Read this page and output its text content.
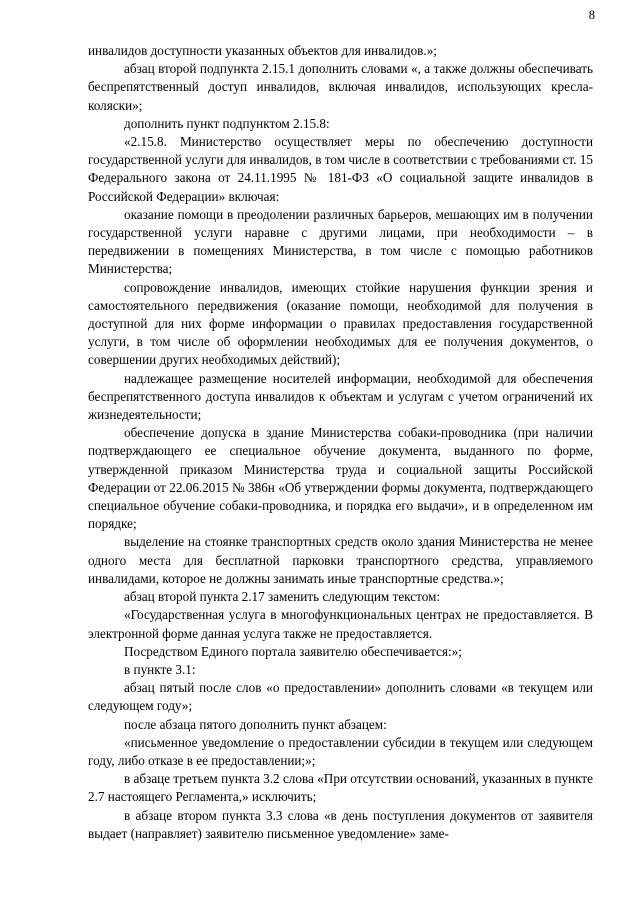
8

инвалидов доступности указанных объектов для инвалидов.»;

абзац второй подпункта 2.15.1 дополнить словами «, а также должны обеспечивать беспрепятственный доступ инвалидов, включая инвалидов, использующих кресла-коляски»;

дополнить пункт подпунктом 2.15.8:

«2.15.8. Министерство осуществляет меры по обеспечению доступности государственной услуги для инвалидов, в том числе в соответствии с требованиями ст. 15 Федерального закона от 24.11.1995 № 181-ФЗ «О социальной защите инвалидов в Российской Федерации» включая:

оказание помощи в преодолении различных барьеров, мешающих им в получении государственной услуги наравне с другими лицами, при необходимости – в передвижении в помещениях Министерства, в том числе с помощью работников Министерства;

сопровождение инвалидов, имеющих стойкие нарушения функции зрения и самостоятельного передвижения (оказание помощи, необходимой для получения в доступной для них форме информации о правилах предоставления государственной услуги, в том числе об оформлении необходимых для ее получения документов, о совершении других необходимых действий);

надлежащее размещение носителей информации, необходимой для обеспечения беспрепятственного доступа инвалидов к объектам и услугам с учетом ограничений их жизнедеятельности;

обеспечение допуска в здание Министерства собаки-проводника (при наличии подтверждающего ее специальное обучение документа, выданного по форме, утвержденной приказом Министерства труда и социальной защиты Российской Федерации от 22.06.2015 № 386н «Об утверждении формы документа, подтверждающего специальное обучение собаки-проводника, и порядка его выдачи», и в определенном им порядке;

выделение на стоянке транспортных средств около здания Министерства не менее одного места для бесплатной парковки транспортного средства, управляемого инвалидами, которое не должны занимать иные транспортные средства.»;

абзац второй пункта 2.17 заменить следующим текстом:

«Государственная услуга в многофункциональных центрах не предоставляется. В электронной форме данная услуга также не предоставляется.

Посредством Единого портала заявителю обеспечивается:»;

в пункте 3.1:

абзац пятый после слов «о предоставлении» дополнить словами «в текущем или следующем году»;

после абзаца пятого дополнить пункт абзацем:

«письменное уведомление о предоставлении субсидии в текущем или следующем году, либо отказе в ее предоставлении;»;

в абзаце третьем пункта 3.2 слова «При отсутствии оснований, указанных в пункте 2.7 настоящего Регламента,» исключить;

в абзаце втором пункта 3.3 слова «в день поступления документов от заявителя выдает (направляет) заявителю письменное уведомление» заме-
